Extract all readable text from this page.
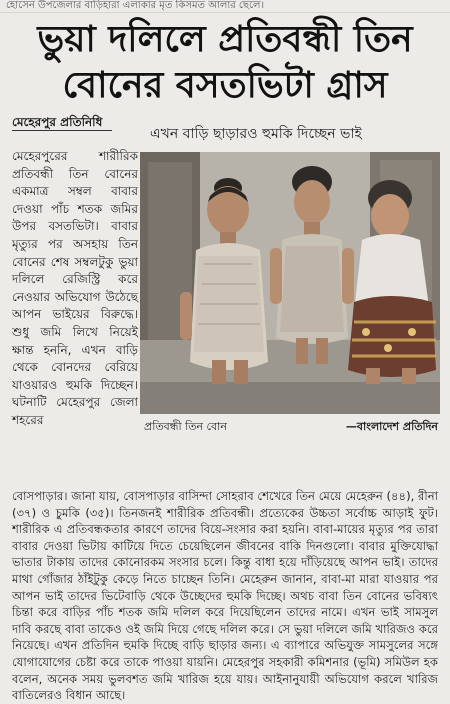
হোসেন উপজেলার বাড়িহারা এলাকার মৃত কিসমত আলার ছেলে।
ভুয়া দলিলে প্রতিবন্ধী তিন
বোনের বসতভিটা গ্রাস
মেহেরপুর প্রতিনিধি
এখন বাড়ি ছাড়ারও হুমকি দিচ্ছেন ভাই
মেহেরপুরের শারীরিক প্রতিবন্ধী তিন বোনের একমাত্র সম্বল বাবার দেওয়া পাঁচ শতক জমির উপর বসতভিটা। বাবার মৃত্যুর পর অসহায় তিন বোনের শেষ সম্বলটুকু ভুয়া দলিলে রেজিস্ট্রি করে নেওয়ার অভিযোগ উঠেছে আপন ভাইয়ের বিরুদ্ধে। শুধু জমি লিখে নিয়েই ক্ষান্ত হননি, এখন বাড়ি থেকে বোনদের বেরিয়ে যাওয়ারও হুমকি দিচ্ছেন। ঘটনাটি মেহেরপুর জেলা শহরের	প্রতিবন্ধী তিন বোন	—বাংলাদেশ প্রতিদিন
বোসপাড়ার। জানা যায়, বোসপাড়ার বাসিন্দা সোহরাব শেখেরে তিন মেয়ে মেহেরুন (৪৪), রীনা (৩৭) ও চুমকি (৩৫)। তিনজনই শারীরিক প্রতিবন্ধী। প্রত্যেকের উচ্চতা সর্বোচ্চ আড়াই ফুট। শারীরিক এ প্রতিবন্ধকতার কারণে তাদের বিয়ে-সংসার করা হয়নি। বাবা-মায়ের মৃত্যুর পর তারা বাবার দেওয়া ভিটায় কাটিয়ে দিতে চেয়েছিলেন জীবনের বাকি দিনগুলো। বাবার মুক্তিযোদ্ধা ভাতার টাকায় তাদের কোনোরকম সংসার চলে। কিন্তু বাধা হয়ে দাঁড়িয়েছে আপন ভাই। তাদের মাথা গোঁজার ঠাঁইটুকু কেড়ে নিতে চাচ্ছেন তিনি। মেহেরুন জানান, বাবা-মা মারা যাওয়ার পর আপন ভাই তাদের ভিটেবাড়ি থেকে উচ্ছেদের হুমকি দিচ্ছে। অথচ বাবা তিন বোনের ভবিষ্যৎ চিন্তা করে বাড়ির পাঁচ শতক জমি দলিল করে দিয়েছিলেন তাদের নামে। এখন ভাই সামসুল দাবি করছে বাবা তাকেও ওই জমি দিয়ে গেছে দলিল করে। সে ভুয়া দলিলে জমি খারিজও করে নিয়েছে। এখন প্রতিদিন হুমকি দিচ্ছে বাড়ি ছাড়ার জন্য। এ ব্যাপারে অভিযুক্ত সামসুলের সঙ্গে যোগাযোগের চেষ্টা করে তাকে পাওয়া যায়নি। মেহেরপুর সহকারী কমিশনার (ভূমি) সমিউল হক বলেন, অনেক সময় ভুলবশত জমি খারিজ হয়ে যায়। আইনানুযায়ী অভিযোগ করলে খারিজ বাতিলেরও বিধান আছে।
